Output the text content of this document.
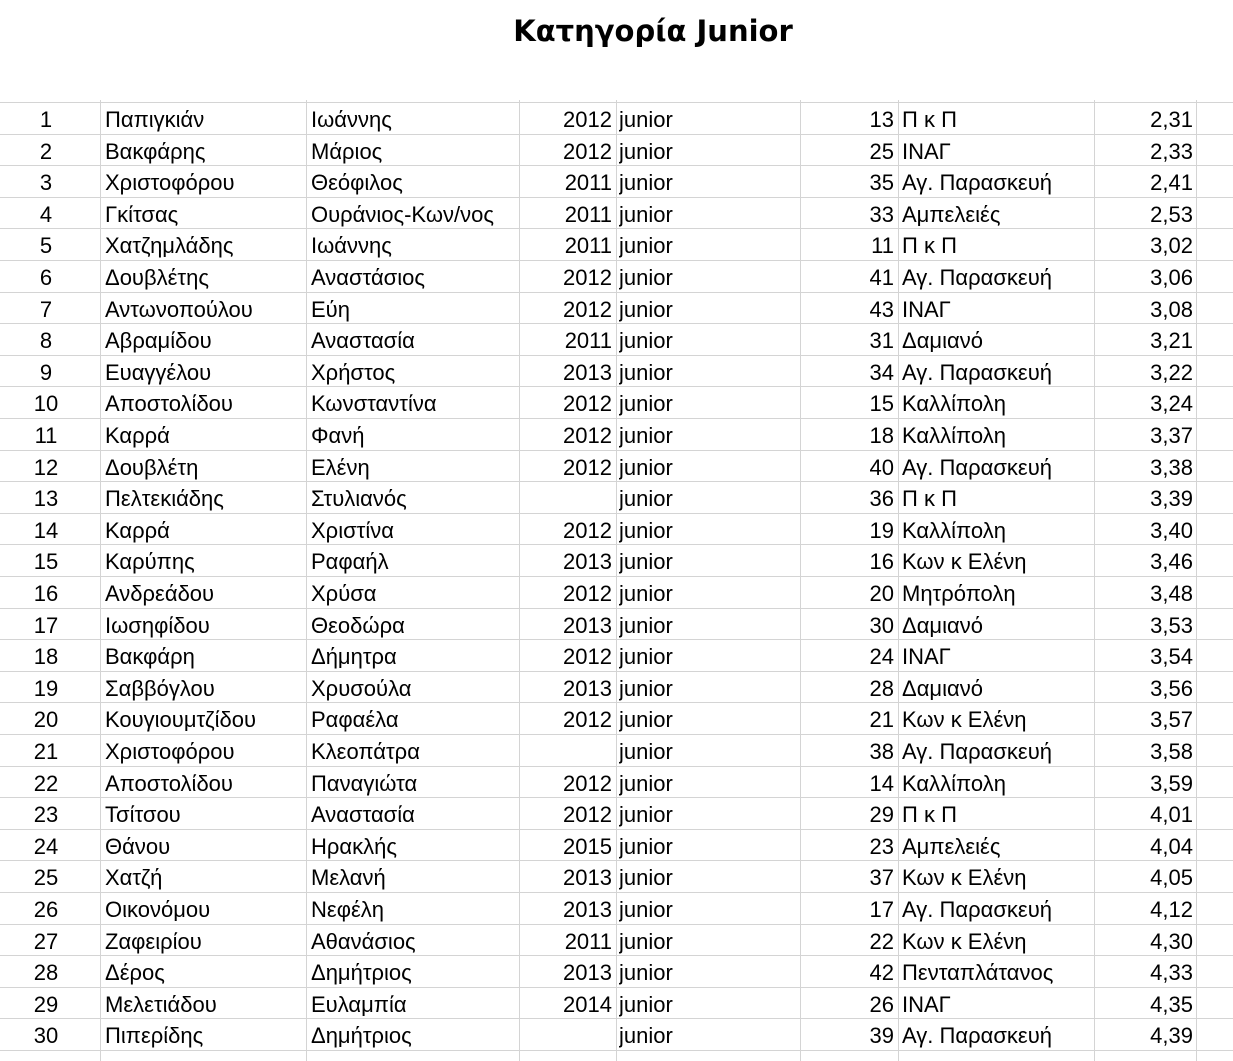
Κατηγορία Junior
1	Παπιγκιάν	Ιωάννης	2012 junior	13 Π κ Π	2,31
2	Βακφάρης	Μάριος	2012 junior	25 ΙΝΑΓ	2,33
3	Χριστοφόρου	Θεόφιλος	2011 junior	35 Αγ. Παρασκευή	2,41
4	Γκίτσας	Ουράνιος-Κων/νος	2011 junior	33 Αμπελειές	2,53
5	Χατζημλάδης	Ιωάννης	2011 junior	11 Π κ Π	3,02
6	Δουβλέτης	Αναστάσιος	2012 junior	41 Αγ. Παρασκευή	3,06
7	Αντωνοπούλου	Εύη	2012 junior	43 ΙΝΑΓ	3,08
8	Αβραμίδου	Αναστασία	2011 junior	31 Δαμιανό	3,21
9	Ευαγγέλου	Χρήστος	2013 junior	34 Αγ. Παρασκευή	3,22
10	Αποστολίδου	Κωνσταντίνα	2012 junior	15 Καλλίπολη	3,24
11	Καρρά	Φανή	2012 junior	18 Καλλίπολη	3,37
12	Δουβλέτη	Ελένη	2012 junior	40 Αγ. Παρασκευή	3,38
13	Πελτεκιάδης	Στυλιανός	junior	36 Π κ Π	3,39
14	Καρρά	Χριστίνα	2012 junior	19 Καλλίπολη	3,40
15	Καρύπης	Ραφαήλ	2013 junior	16 Κων κ Ελένη	3,46
16	Ανδρεάδου	Χρύσα	2012 junior	20 Μητρόπολη	3,48
17	Ιωσηφίδου	Θεοδώρα	2013 junior	30 Δαμιανό	3,53
18	Βακφάρη	Δήμητρα	2012 junior	24 ΙΝΑΓ	3,54
19	Σαββόγλου	Χρυσούλα	2013 junior	28 Δαμιανό	3,56
20	Κουγιουμτζίδου	Ραφαέλα	2012 junior	21 Κων κ Ελένη	3,57
21	Χριστοφόρου	Κλεοπάτρα	junior	38 Αγ. Παρασκευή	3,58
22	Αποστολίδου	Παναγιώτα	2012 junior	14 Καλλίπολη	3,59
23	Τσίτσου	Αναστασία	2012 junior	29 Π κ Π	4,01
24	Θάνου	Ηρακλής	2015 junior	23 Αμπελειές	4,04
25	Χατζή	Μελανή	2013 junior	37 Κων κ Ελένη	4,05
26	Οικονόμου	Νεφέλη	2013 junior	17 Αγ. Παρασκευή	4,12
27	Ζαφειρίου	Αθανάσιος	2011 junior	22 Κων κ Ελένη	4,30
28	Δέρος	Δημήτριος	2013 junior	42 Πενταπλάτανος	4,33
29	Μελετιάδου	Ευλαμπία	2014 junior	26 ΙΝΑΓ	4,35
30	Πιπερίδης	Δημήτριος	junior	39 Αγ. Παρασκευή	4,39
